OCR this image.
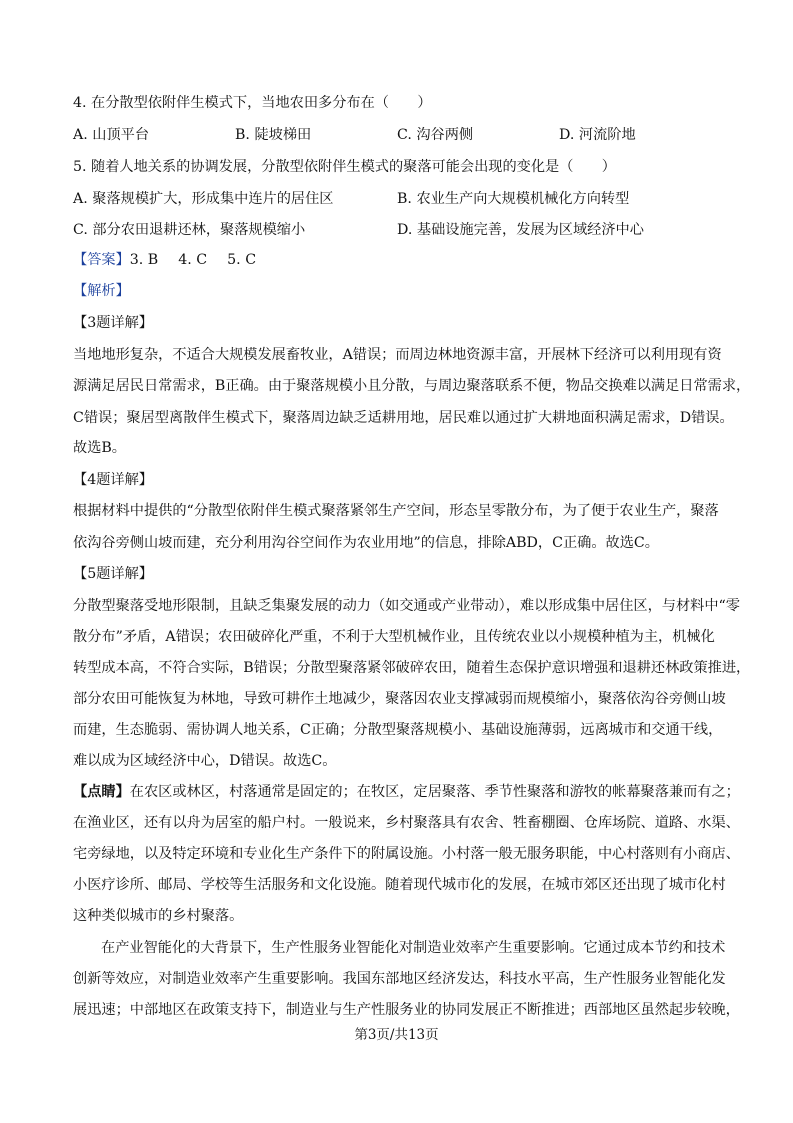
4. 在分散型依附伴生模式下，当地农田多分布在（　　）
A. 山顶平台	B. 陡坡梯田	C. 沟谷两侧	D. 河流阶地
5. 随着人地关系的协调发展，分散型依附伴生模式的聚落可能会出现的变化是（　　）
A. 聚落规模扩大，形成集中连片的居住区	B. 农业生产向大规模机械化方向转型
C. 部分农田退耕还林，聚落规模缩小	D. 基础设施完善，发展为区域经济中心
【答案】3. B 4. C 5. C
【解析】
【3题详解】
当地地形复杂，不适合大规模发展畜牧业，A错误；而周边林地资源丰富，开展林下经济可以利用现有资
源满足居民日常需求，B正确。由于聚落规模小且分散，与周边聚落联系不便，物品交换难以满足日常需求，
C错误；聚居型离散伴生模式下，聚落周边缺乏适耕用地，居民难以通过扩大耕地面积满足需求，D错误。
故选B。
【4题详解】
根据材料中提供的“分散型依附伴生模式聚落紧邻生产空间，形态呈零散分布，为了便于农业生产，聚落
依沟谷旁侧山坡而建，充分利用沟谷空间作为农业用地”的信息，排除ABD，C正确。故选C。
【5题详解】
分散型聚落受地形限制，且缺乏集聚发展的动力（如交通或产业带动），难以形成集中居住区，与材料中“零
散分布”矛盾，A错误；农田破碎化严重，不利于大型机械作业，且传统农业以小规模种植为主，机械化
转型成本高，不符合实际，B错误；分散型聚落紧邻破碎农田，随着生态保护意识增强和退耕还林政策推进，
部分农田可能恢复为林地，导致可耕作土地减少，聚落因农业支撑减弱而规模缩小，聚落依沟谷旁侧山坡
而建，生态脆弱、需协调人地关系，C正确；分散型聚落规模小、基础设施薄弱，远离城市和交通干线，
难以成为区域经济中心，D错误。故选C。
【点睛】在农区或林区，村落通常是固定的；在牧区，定居聚落、季节性聚落和游牧的帐幕聚落兼而有之；
在渔业区，还有以舟为居室的船户村。一般说来，乡村聚落具有农舍、牲畜棚圈、仓库场院、道路、水渠、
宅旁绿地，以及特定环境和专业化生产条件下的附属设施。小村落一般无服务职能，中心村落则有小商店、
小医疗诊所、邮局、学校等生活服务和文化设施。随着现代城市化的发展，在城市郊区还出现了城市化村
这种类似城市的乡村聚落。
在产业智能化的大背景下，生产性服务业智能化对制造业效率产生重要影响。它通过成本节约和技术
创新等效应，对制造业效率产生重要影响。我国东部地区经济发达，科技水平高，生产性服务业智能化发
展迅速；中部地区在政策支持下，制造业与生产性服务业的协同发展正不断推进；西部地区虽然起步较晚，
第3页/共13页
